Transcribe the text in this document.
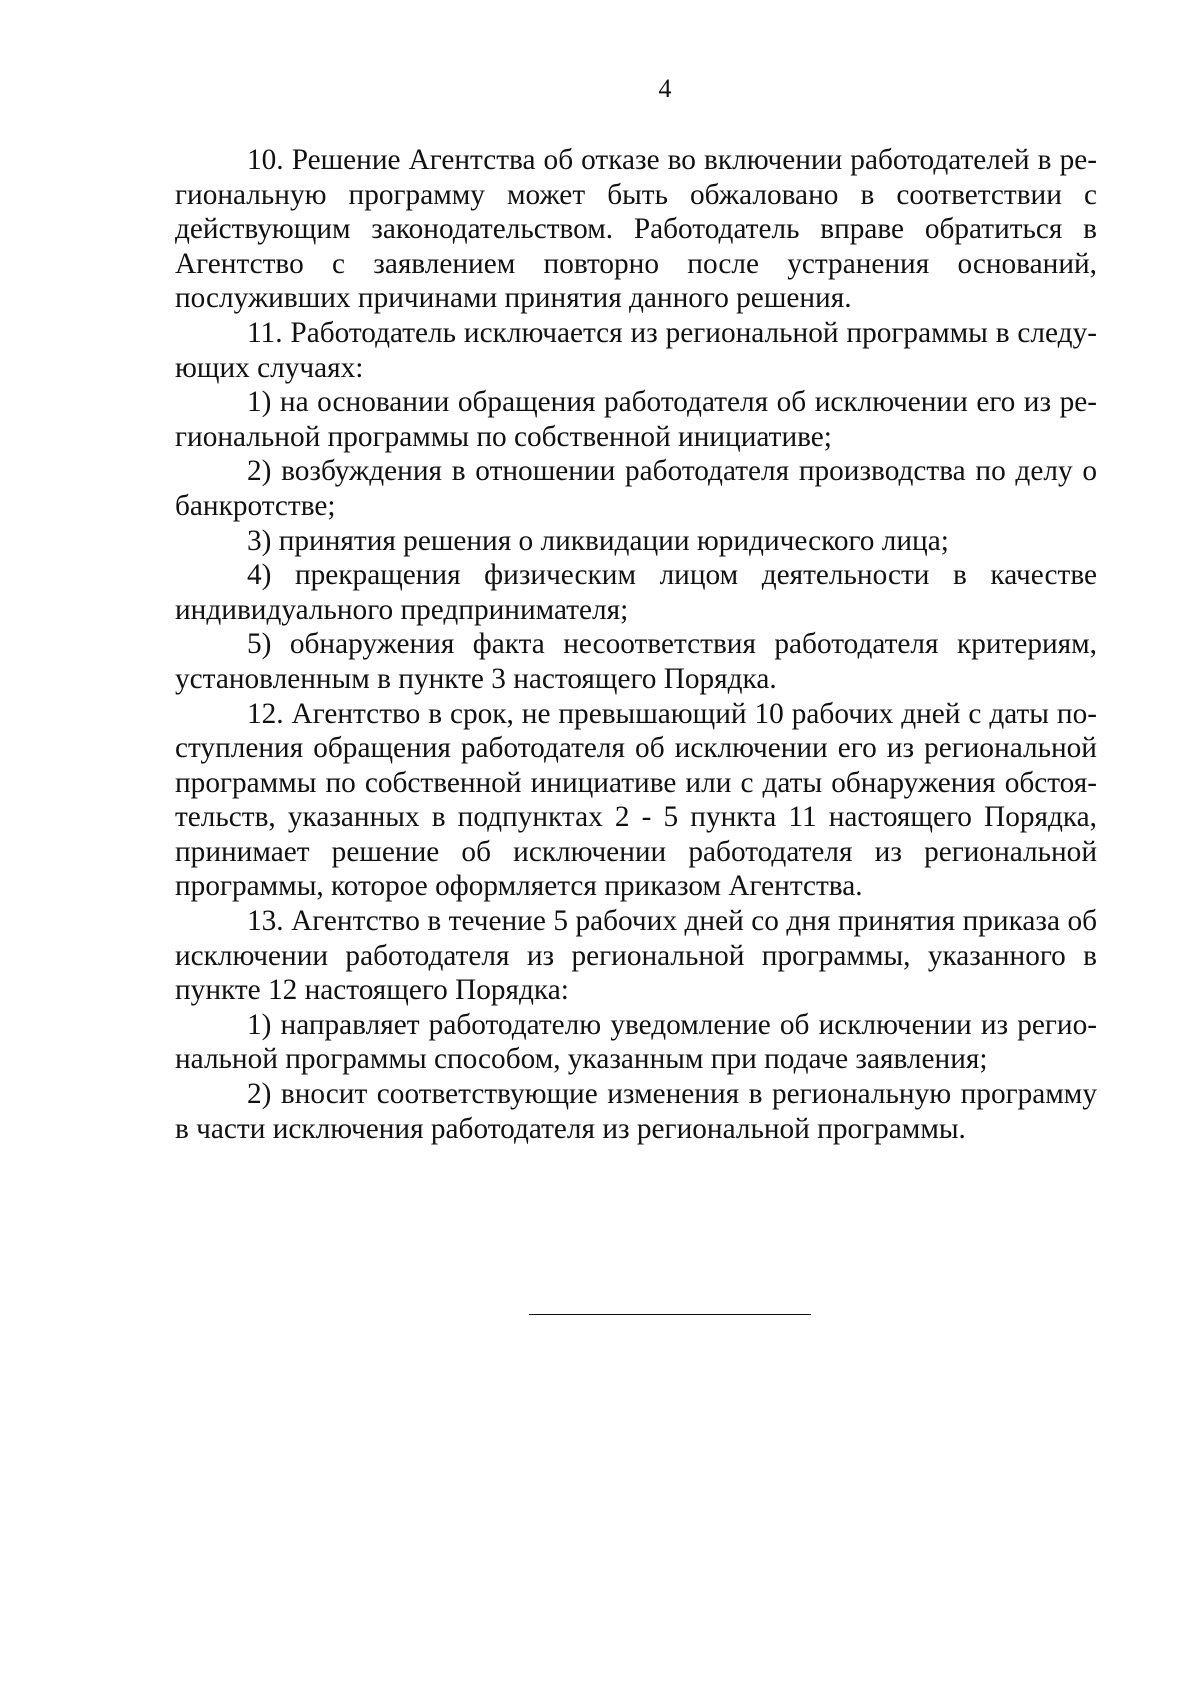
4

10. Решение Агентства об отказе во включении работодателей в региональную программу может быть обжаловано в соответствии с действующим законодательством. Работодатель вправе обратиться в Агентство с заявлением повторно после устранения оснований, послуживших причинами принятия данного решения.

11. Работодатель исключается из региональной программы в следующих случаях:

1) на основании обращения работодателя об исключении его из региональной программы по собственной инициативе;

2) возбуждения в отношении работодателя производства по делу о банкротстве;

3) принятия решения о ликвидации юридического лица;

4) прекращения физическим лицом деятельности в качестве индивидуального предпринимателя;

5) обнаружения факта несоответствия работодателя критериям, установленным в пункте 3 настоящего Порядка.

12. Агентство в срок, не превышающий 10 рабочих дней с даты поступления обращения работодателя об исключении его из региональной программы по собственной инициативе или с даты обнаружения обстоятельств, указанных в подпунктах 2 - 5 пункта 11 настоящего Порядка, принимает решение об исключении работодателя из региональной программы, которое оформляется приказом Агентства.

13. Агентство в течение 5 рабочих дней со дня принятия приказа об исключении работодателя из региональной программы, указанного в пункте 12 настоящего Порядка:

1) направляет работодателю уведомление об исключении из региональной программы способом, указанным при подаче заявления;

2) вносит соответствующие изменения в региональную программу в части исключения работодателя из региональной программы.
